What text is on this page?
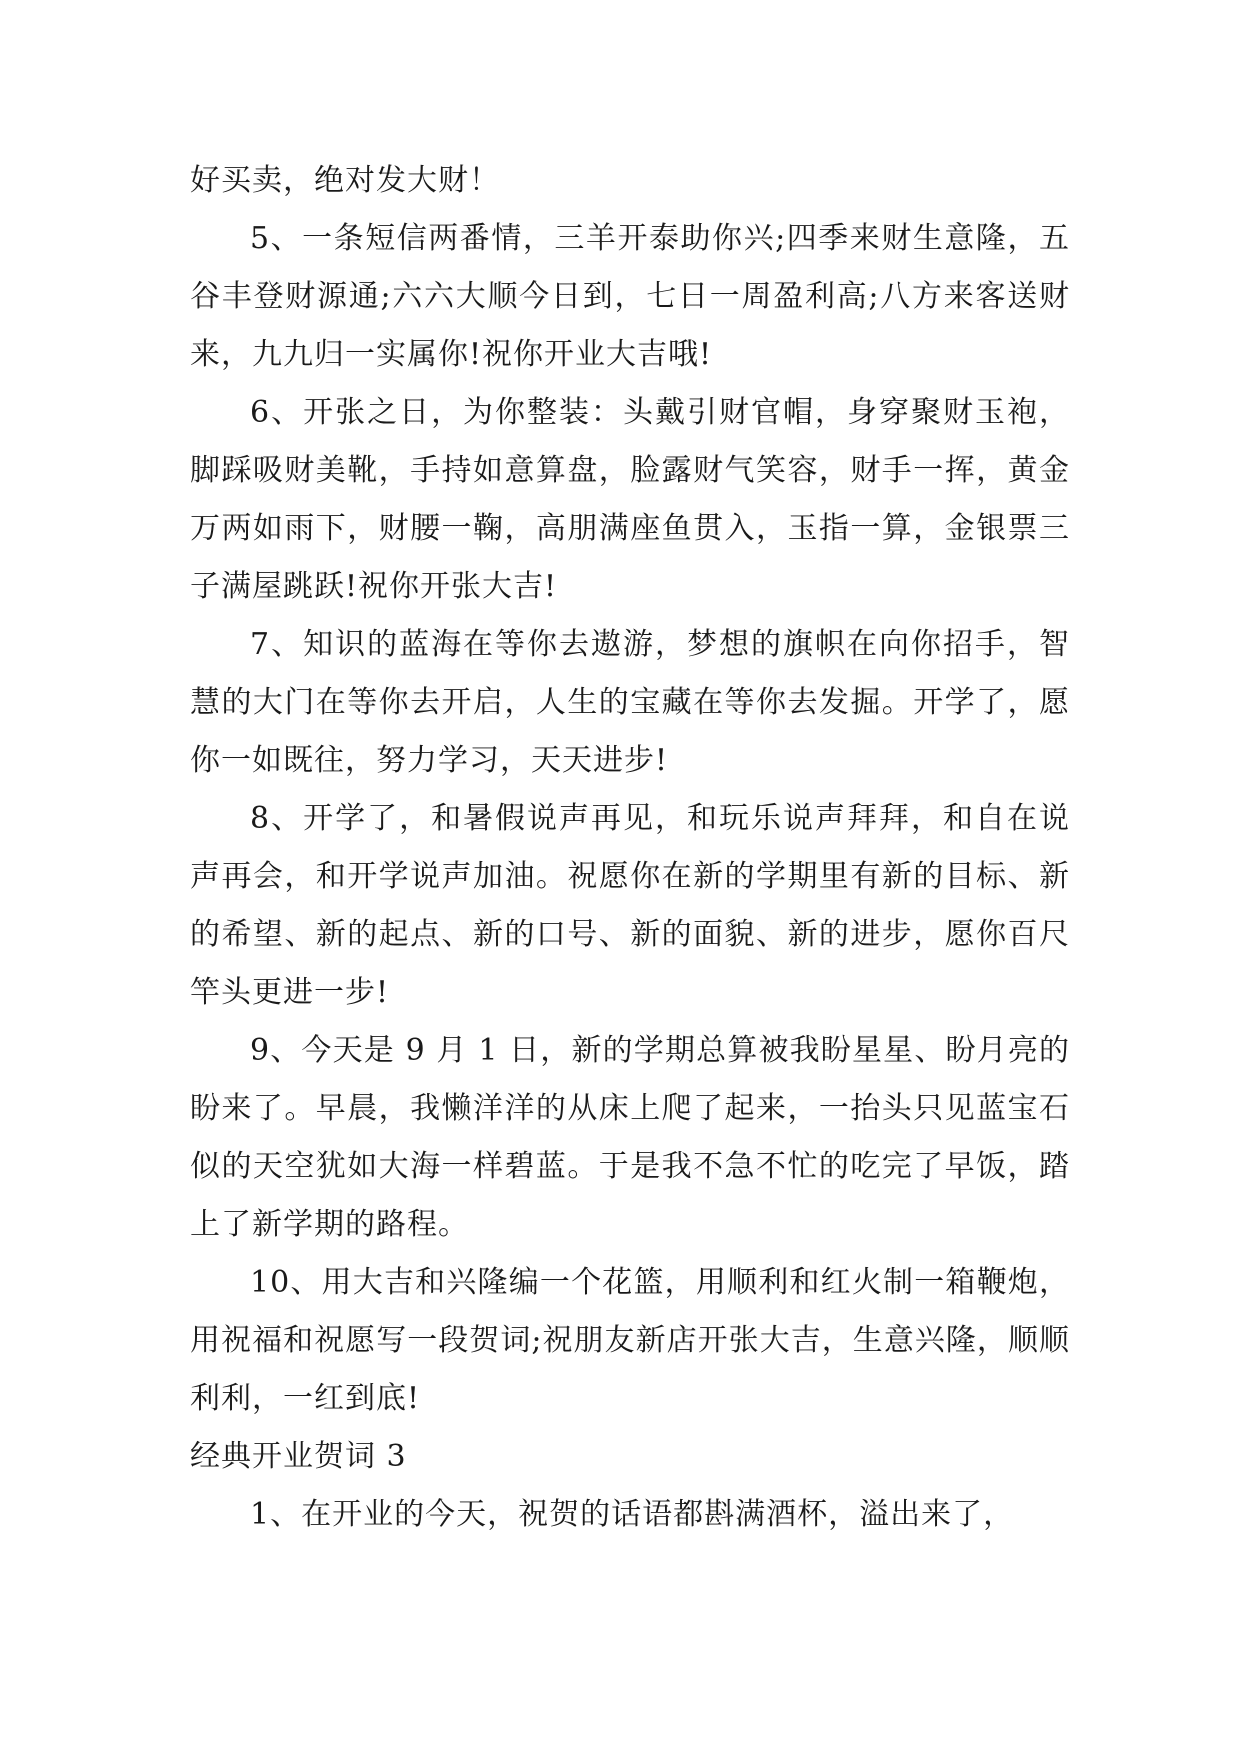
好买卖，绝对发大财！

5、一条短信两番情，三羊开泰助你兴;四季来财生意隆，五谷丰登财源通;六六大顺今日到，七日一周盈利高;八方来客送财来，九九归一实属你!祝你开业大吉哦!

6、开张之日，为你整装：头戴引财官帽，身穿聚财玉袍，脚踩吸财美靴，手持如意算盘，脸露财气笑容，财手一挥，黄金万两如雨下，财腰一鞠，高朋满座鱼贯入，玉指一算，金银票三子满屋跳跃!祝你开张大吉!

7、知识的蓝海在等你去遨游，梦想的旗帜在向你招手，智慧的大门在等你去开启，人生的宝藏在等你去发掘。开学了，愿你一如既往，努力学习，天天进步!

8、开学了，和暑假说声再见，和玩乐说声拜拜，和自在说声再会，和开学说声加油。祝愿你在新的学期里有新的目标、新的希望、新的起点、新的口号、新的面貌、新的进步，愿你百尺竿头更进一步!

9、今天是 9 月 1 日，新的学期总算被我盼星星、盼月亮的盼来了。早晨，我懒洋洋的从床上爬了起来，一抬头只见蓝宝石似的天空犹如大海一样碧蓝。于是我不急不忙的吃完了早饭，踏上了新学期的路程。

10、用大吉和兴隆编一个花篮，用顺利和红火制一箱鞭炮，用祝福和祝愿写一段贺词;祝朋友新店开张大吉，生意兴隆，顺顺利利，一红到底!

经典开业贺词 3

1、在开业的今天，祝贺的话语都斟满酒杯，溢出来了，
